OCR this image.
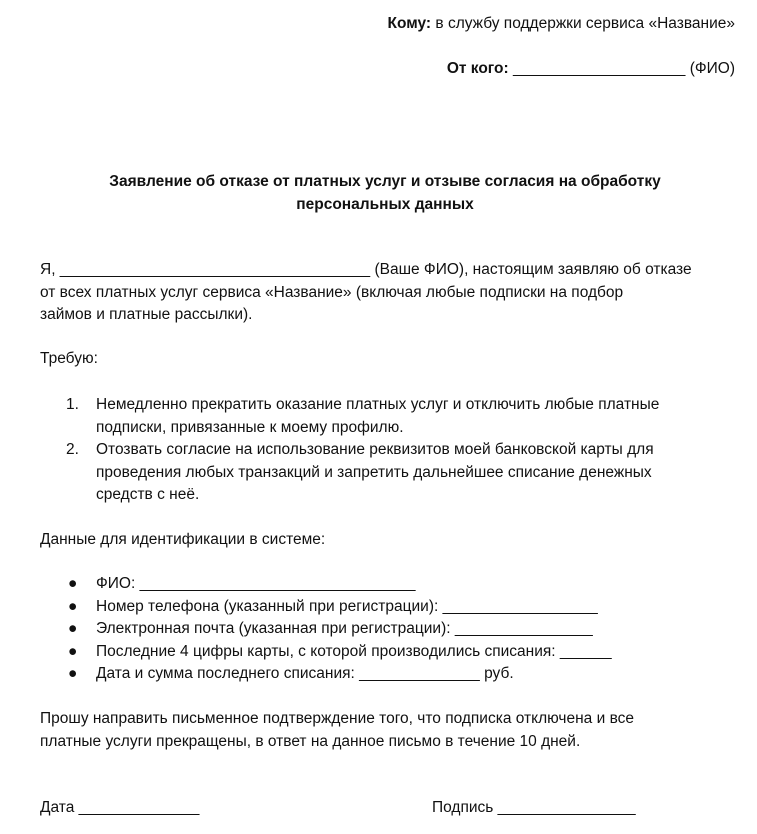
Кому: в службу поддержки сервиса «Название»
От кого: ____________________ (ФИО)
Заявление об отказе от платных услуг и отзыве согласия на обработку
персональных данных
Я, ____________________________________ (Ваше ФИО), настоящим заявляю об отказе
от всех платных услуг сервиса «Название» (включая любые подписки на подбор
займов и платные рассылки).
Требую:
1. Немедленно прекратить оказание платных услуг и отключить любые платные
подписки, привязанные к моему профилю.
2. Отозвать согласие на использование реквизитов моей банковской карты для
проведения любых транзакций и запретить дальнейшее списание денежных
средств с неё.
Данные для идентификации в системе:
● ФИО: ________________________________
● Номер телефона (указанный при регистрации): __________________
● Электронная почта (указанная при регистрации): ________________
● Последние 4 цифры карты, с которой производились списания: ______
● Дата и сумма последнего списания: ______________ руб.
Прошу направить письменное подтверждение того, что подписка отключена и все
платные услуги прекращены, в ответ на данное письмо в течение 10 дней.
Дата ______________	Подпись ________________
